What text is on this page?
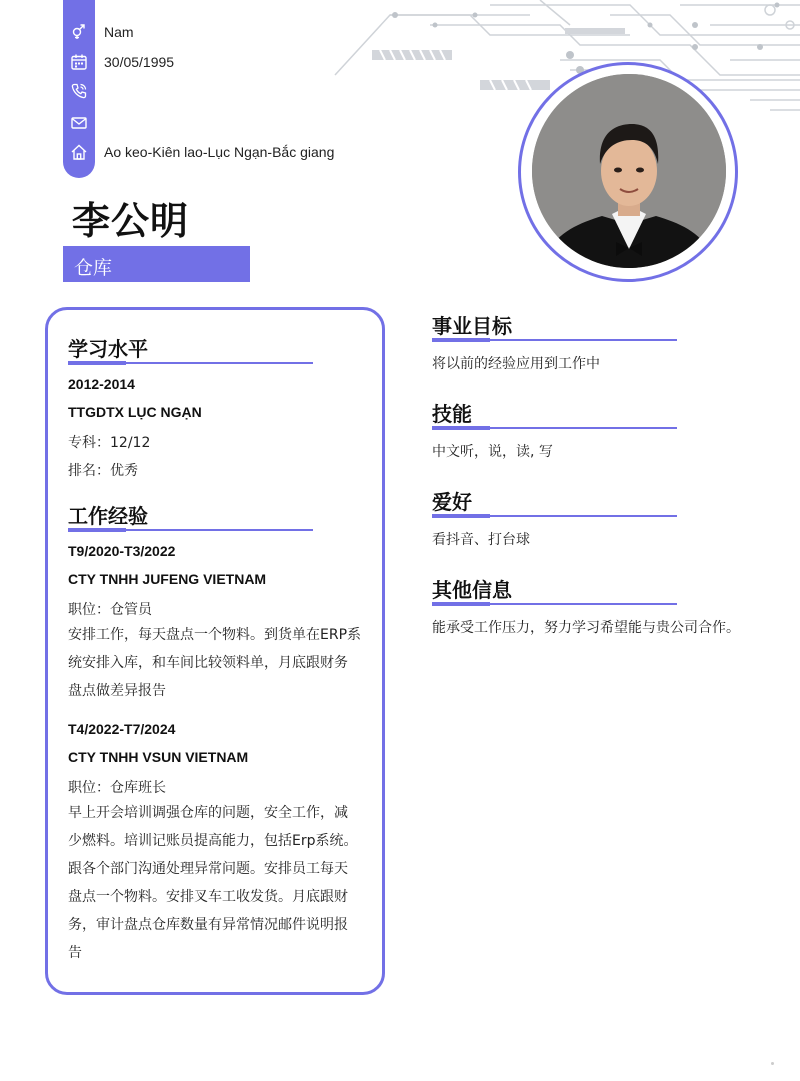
Nam
30/05/1995
Ao keo-Kiên lao-Lục Ngạn-Bắc giang
李公明
仓库
学习水平
2012-2014
TTGDTX LỤC NGẠN
专科：12/12
排名：优秀
工作经验
T9/2020-T3/2022
CTY TNHH JUFENG VIETNAM
职位：仓管员
安排工作，每天盘点一个物料。到货单在ERP系
统安排入库，和车间比较领料单，月底跟财务
盘点做差异报告
T4/2022-T7/2024
CTY TNHH VSUN VIETNAM
职位：仓库班长
早上开会培训调强仓库的问题，安全工作，减
少燃料。培训记账员提高能力，包括Erp系统。
跟各个部门沟通处理异常问题。安排员工每天
盘点一个物料。安排叉车工收发货。月底跟财
务，审计盘点仓库数量有异常情况邮件说明报
告
事业目标
将以前的经验应用到工作中
技能
中文听，说，读, 写
爱好
看抖音、打台球
其他信息
能承受工作压力，努力学习希望能与贵公司合作。
